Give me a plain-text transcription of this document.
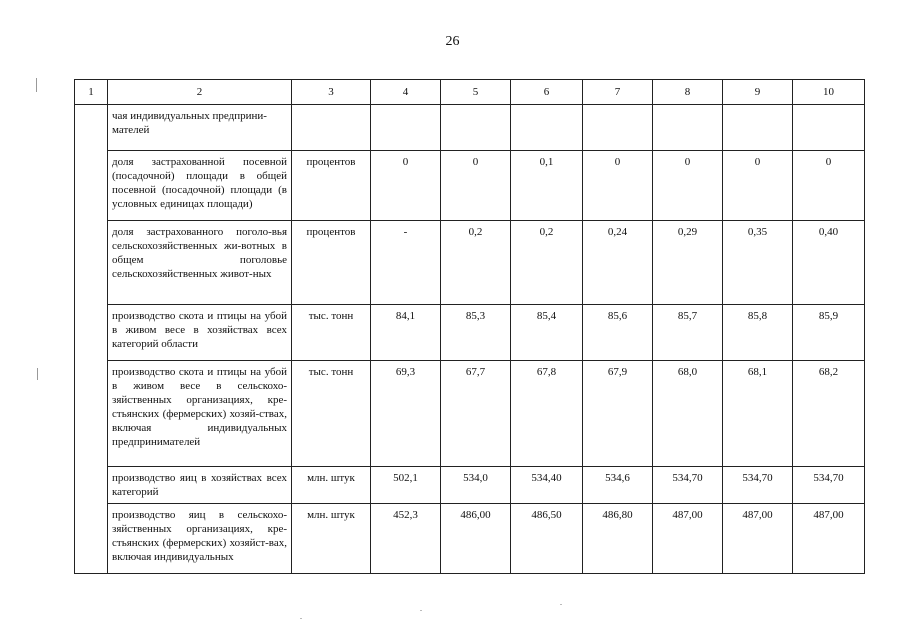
26
1	2	3	4	5	6	7	8	9	10
	чая индивидуальных предприни-
мателей								
	доля застрахованной посевной (посадочной) площади в общей посевной (посадочной) площади (в условных единицах площади)	процентов	0	0	0,1	0	0	0	0
	доля застрахованного поголо-вья сельскохозяйственных жи-вотных в общем поголовье сельскохозяйственных живот-ных	процентов	-	0,2	0,2	0,24	0,29	0,35	0,40
	производство скота и птицы на убой в живом весе в хозяйствах всех категорий области	тыс. тонн	84,1	85,3	85,4	85,6	85,7	85,8	85,9
	производство скота и птицы на убой в живом весе в сельскохо-зяйственных организациях, кре-стьянских (фермерских) хозяй-ствах, включая индивидуальных предпринимателей	тыс. тонн	69,3	67,7	67,8	67,9	68,0	68,1	68,2
	производство яиц в хозяйствах всех категорий	млн. штук	502,1	534,0	534,40	534,6	534,70	534,70	534,70
	производство яиц в сельскохо-зяйственных организациях, кре-стьянских (фермерских) хозяйст-вах, включая индивидуальных	млн. штук	452,3	486,00	486,50	486,80	487,00	487,00	487,00
